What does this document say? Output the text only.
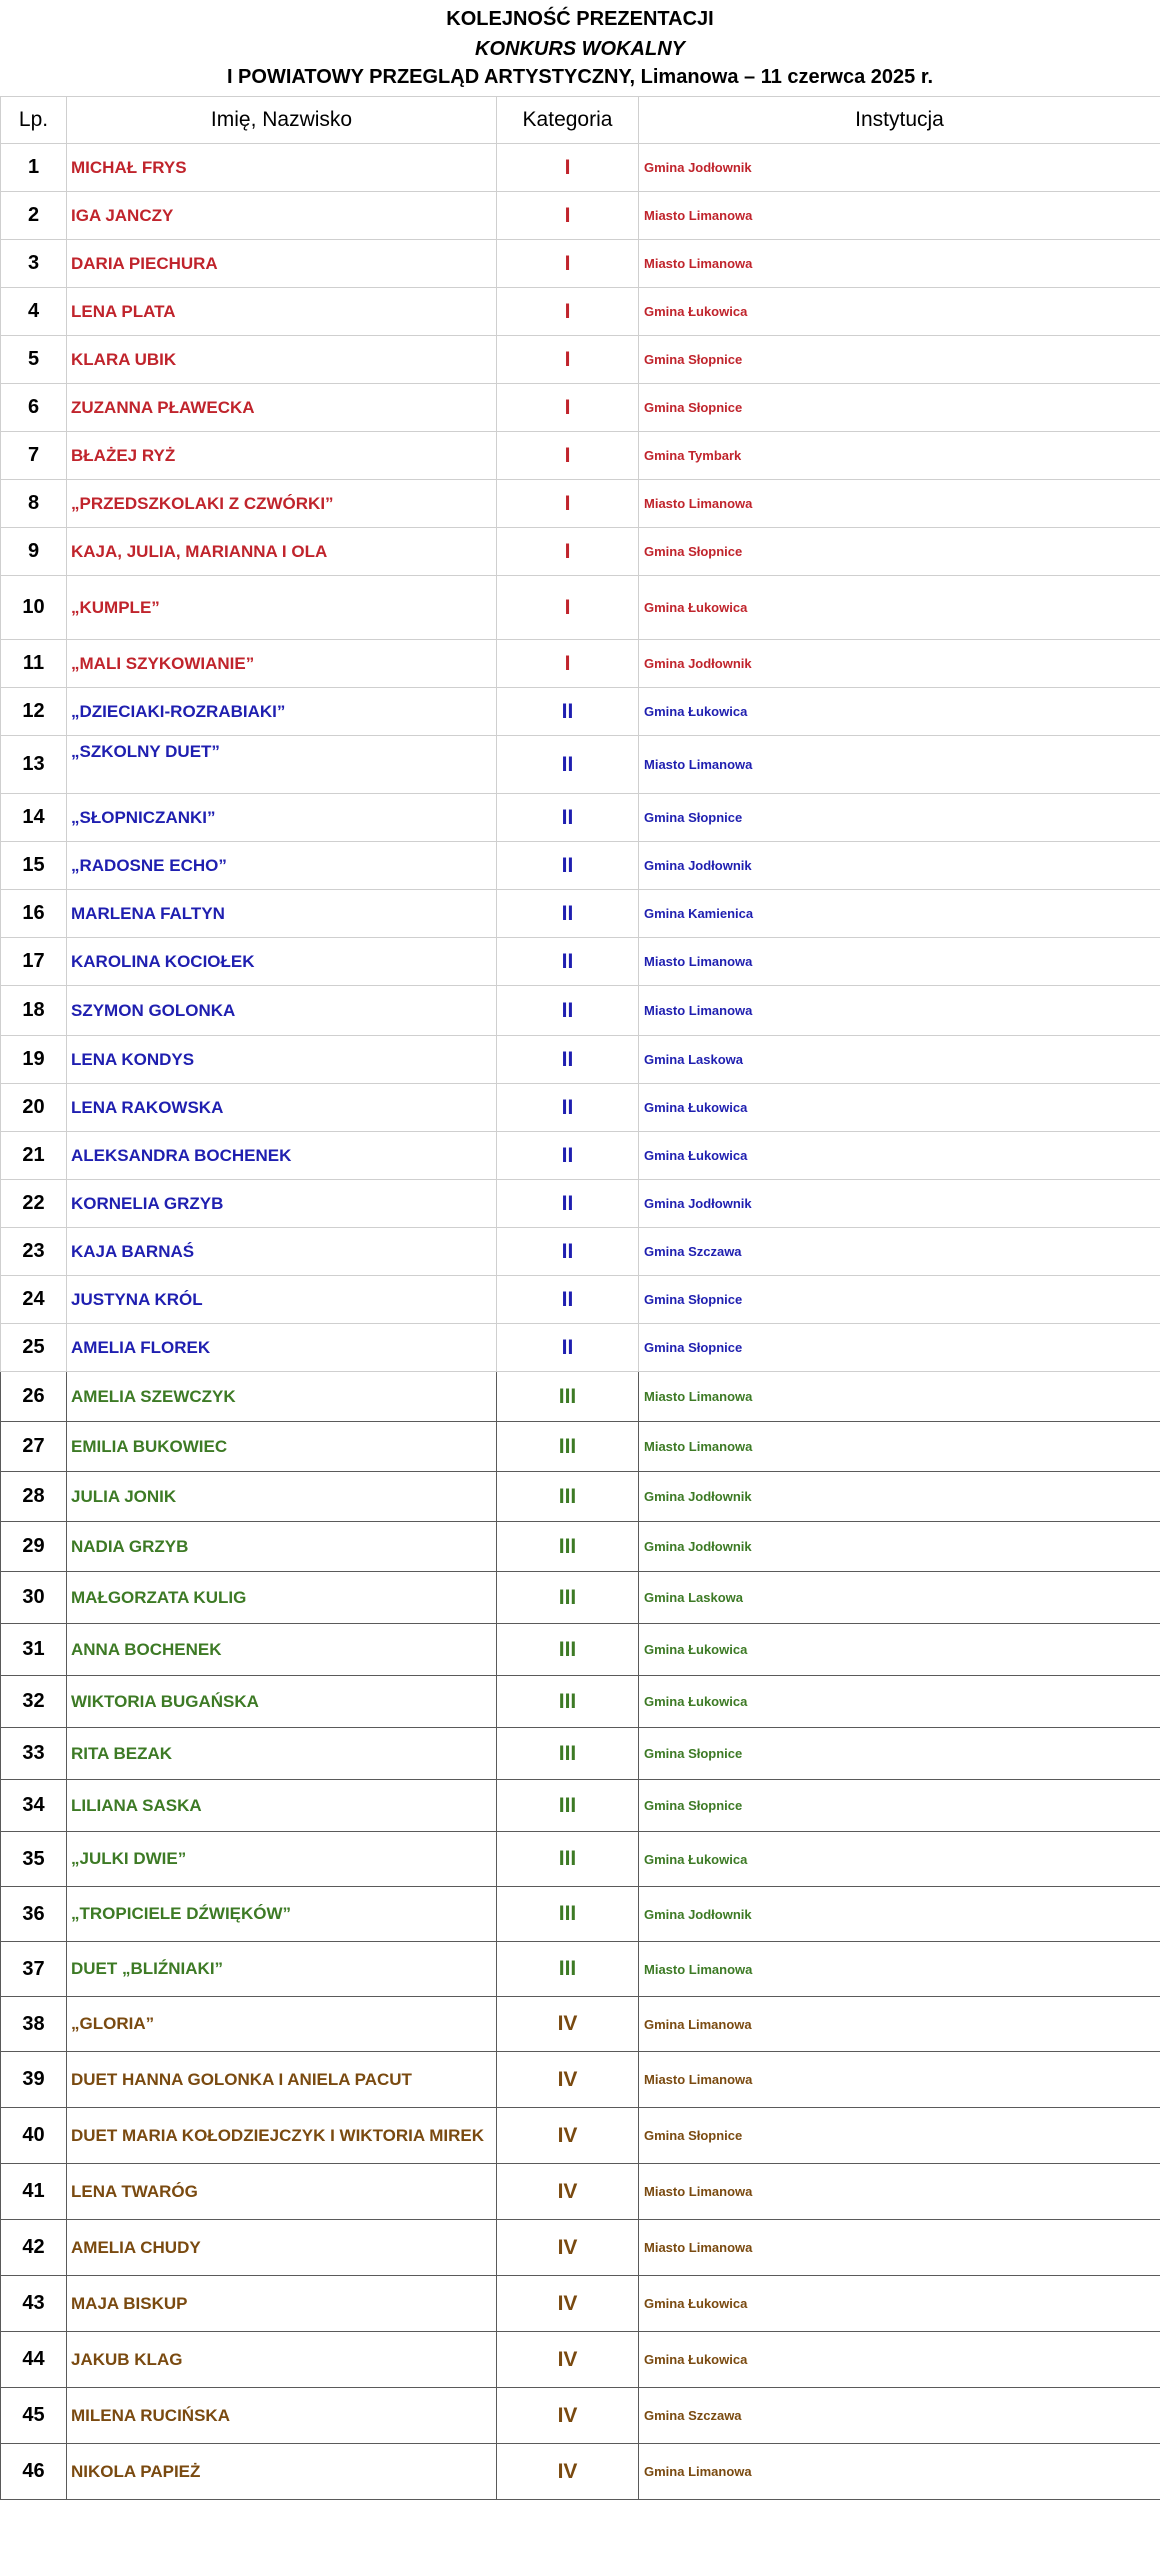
KOLEJNOŚĆ PREZENTACJI
KONKURS WOKALNY
I POWIATOWY PRZEGLĄD ARTYSTYCZNY, Limanowa – 11 czerwca 2025 r.
Lp.	Imię, Nazwisko	Kategoria	Instytucja
1	MICHAŁ FRYS	I	Gmina Jodłownik
2	IGA JANCZY	I	Miasto Limanowa
3	DARIA PIECHURA	I	Miasto Limanowa
4	LENA PLATA	I	Gmina Łukowica
5	KLARA UBIK	I	Gmina Słopnice
6	ZUZANNA PŁAWECKA	I	Gmina Słopnice
7	BŁAŻEJ RYŻ	I	Gmina Tymbark
8	„PRZEDSZKOLAKI Z CZWÓRKI”	I	Miasto Limanowa
9	KAJA, JULIA, MARIANNA I OLA	I	Gmina Słopnice
10	„KUMPLE”	I	Gmina Łukowica
11	„MALI SZYKOWIANIE”	I	Gmina Jodłownik
12	„DZIECIAKI-ROZRABIAKI”	II	Gmina Łukowica
13	„SZKOLNY DUET”	II	Miasto Limanowa
14	„SŁOPNICZANKI”	II	Gmina Słopnice
15	„RADOSNE ECHO”	II	Gmina Jodłownik
16	MARLENA FALTYN	II	Gmina Kamienica
17	KAROLINA KOCIOŁEK	II	Miasto Limanowa
18	SZYMON GOLONKA	II	Miasto Limanowa
19	LENA KONDYS	II	Gmina Laskowa
20	LENA RAKOWSKA	II	Gmina Łukowica
21	ALEKSANDRA BOCHENEK	II	Gmina Łukowica
22	KORNELIA GRZYB	II	Gmina Jodłownik
23	KAJA BARNAŚ	II	Gmina Szczawa
24	JUSTYNA KRÓL	II	Gmina Słopnice
25	AMELIA FLOREK	II	Gmina Słopnice
26	AMELIA SZEWCZYK	III	Miasto Limanowa
27	EMILIA BUKOWIEC	III	Miasto Limanowa
28	JULIA JONIK	III	Gmina Jodłownik
29	NADIA GRZYB	III	Gmina Jodłownik
30	MAŁGORZATA KULIG	III	Gmina Laskowa
31	ANNA BOCHENEK	III	Gmina Łukowica
32	WIKTORIA BUGAŃSKA	III	Gmina Łukowica
33	RITA BEZAK	III	Gmina Słopnice
34	LILIANA SASKA	III	Gmina Słopnice
35	„JULKI DWIE”	III	Gmina Łukowica
36	„TROPICIELE DŹWIĘKÓW”	III	Gmina Jodłownik
37	DUET „BLIŹNIAKI”	III	Miasto Limanowa
38	„GLORIA”	IV	Gmina Limanowa
39	DUET HANNA GOLONKA I ANIELA PACUT	IV	Miasto Limanowa
40	DUET MARIA KOŁODZIEJCZYK I WIKTORIA MIREK	IV	Gmina Słopnice
41	LENA TWARÓG	IV	Miasto Limanowa
42	AMELIA CHUDY	IV	Miasto Limanowa
43	MAJA BISKUP	IV	Gmina Łukowica
44	JAKUB KLAG	IV	Gmina Łukowica
45	MILENA RUCIŃSKA	IV	Gmina Szczawa
46	NIKOLA PAPIEŻ	IV	Gmina Limanowa
